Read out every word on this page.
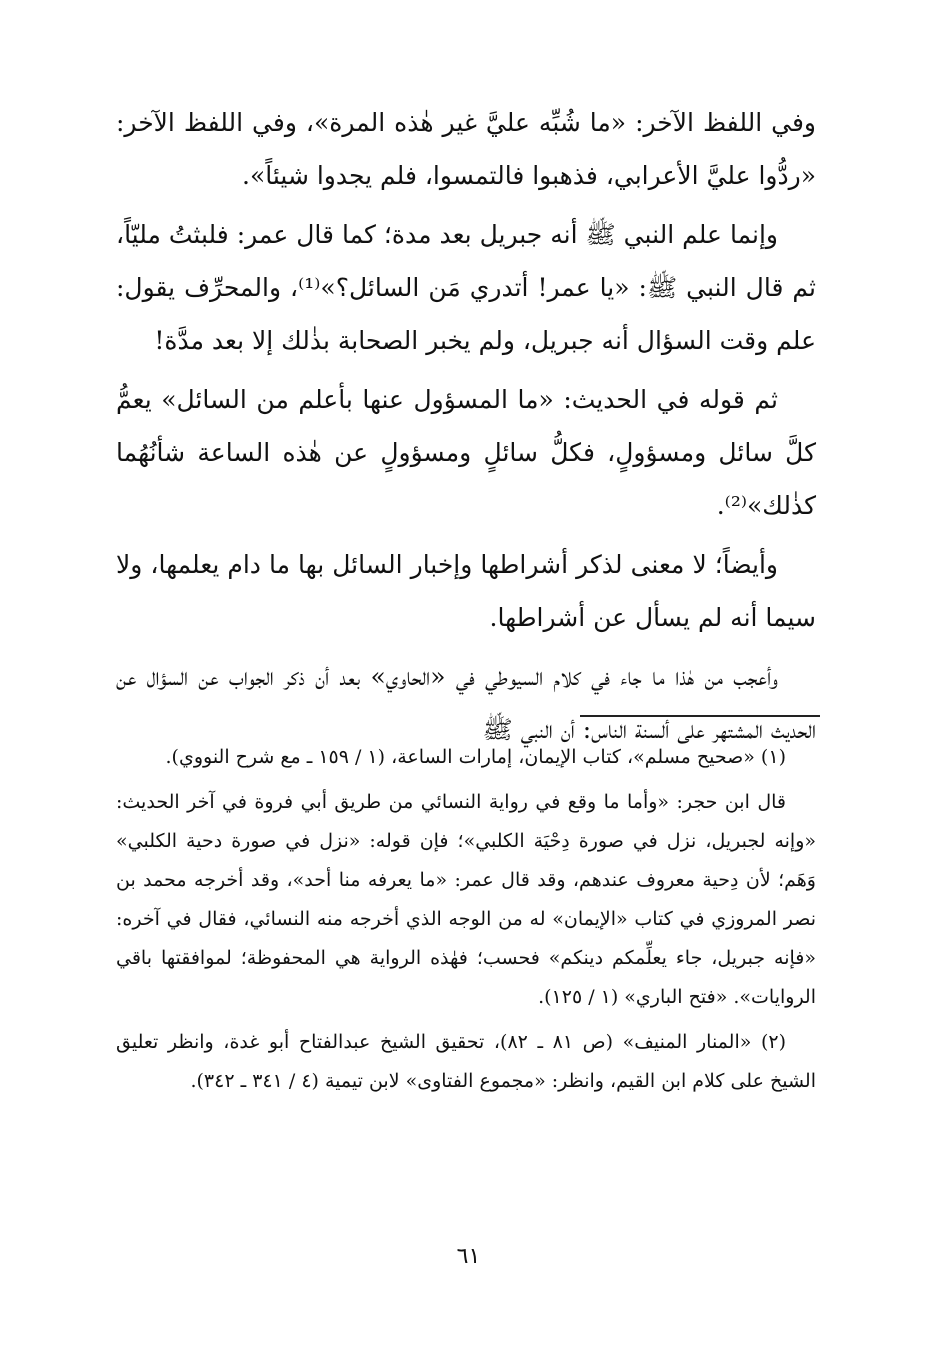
وفي اللفظ الآخر: «ما شُبِّه عليَّ غير هٰذه المرة»، وفي اللفظ الآخر: «ردُّوا عليَّ الأعرابي، فذهبوا فالتمسوا، فلم يجدوا شيئاً».

وإنما علم النبي ﷺ أنه جبريل بعد مدة؛ كما قال عمر: فلبثتُ مليّاً، ثم قال النبي ﷺ: «يا عمر! أتدري مَن السائل؟»⁽¹⁾، والمحرِّف يقول: علم وقت السؤال أنه جبريل، ولم يخبر الصحابة بذٰلك إلا بعد مدَّة!

ثم قوله في الحديث: «ما المسؤول عنها بأعلم من السائل» يعمُّ كلَّ سائل ومسؤولٍ، فكلُّ سائلٍ ومسؤولٍ عن هٰذه الساعة شأنُهُما كذٰلك»⁽²⁾.

وأيضاً؛ لا معنى لذكر أشراطها وإخبار السائل بها ما دام يعلمها، ولا سيما أنه لم يسأل عن أشراطها.

وأعجب من هٰذا ما جاء في كلام السيوطي في «الحاوي» بعد أن ذكر الجواب عن السؤال عن الحديث المشتهر على ألسنة الناس: أن النبي ﷺ

(١) «صحيح مسلم»، كتاب الإيمان، إمارات الساعة، (١ / ١٥٩ ـ مع شرح النووي).

قال ابن حجر: «وأما ما وقع في رواية النسائي من طريق أبي فروة في آخر الحديث: «وإنه لجبريل، نزل في صورة دِحْيَة الكلبي»؛ فإن قوله: «نزل في صورة دحية الكلبي» وَهَم؛ لأن دِحية معروف عندهم، وقد قال عمر: «ما يعرفه منا أحد»، وقد أخرجه محمد بن نصر المروزي في كتاب «الإيمان» له من الوجه الذي أخرجه منه النسائي، فقال في آخره: «فإنه جبريل، جاء يعلِّمكم دينكم» فحسب؛ فهٰذه الرواية هي المحفوظة؛ لموافقتها باقي الروايات». «فتح الباري» (١ / ١٢٥).

(٢) «المنار المنيف» (ص ٨١ ـ ٨٢)، تحقيق الشيخ عبدالفتاح أبو غدة، وانظر تعليق الشيخ على كلام ابن القيم، وانظر: «مجموع الفتاوى» لابن تيمية (٤ / ٣٤١ ـ ٣٤٢).

٦١
